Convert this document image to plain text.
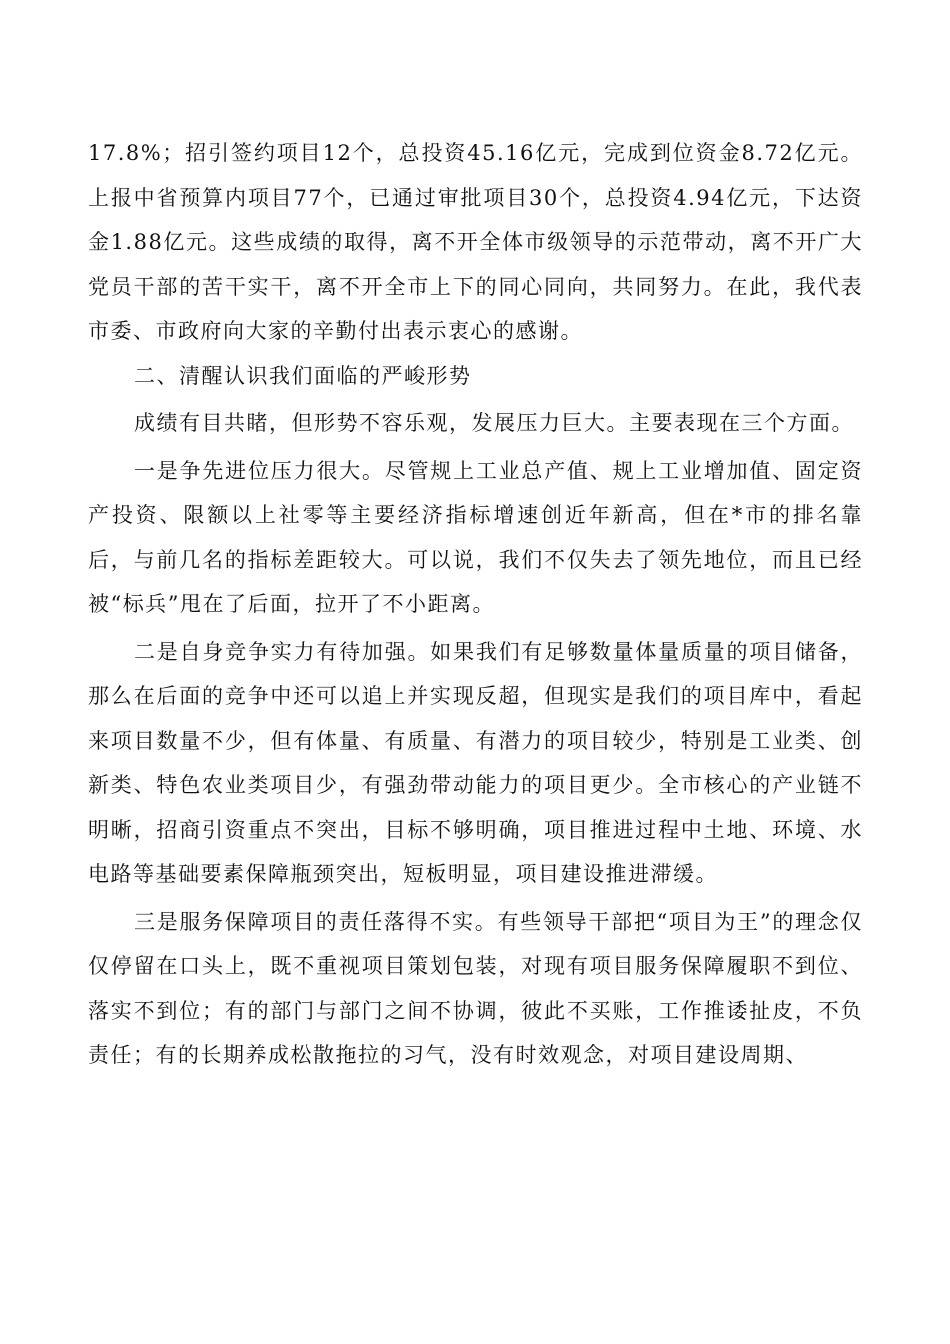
17.8%；招引签约项目12个，总投资45.16亿元，完成到位资金8.72亿元。上报中省预算内项目77个，已通过审批项目30个，总投资4.94亿元，下达资金1.88亿元。这些成绩的取得，离不开全体市级领导的示范带动，离不开广大党员干部的苦干实干，离不开全市上下的同心同向，共同努力。在此，我代表市委、市政府向大家的辛勤付出表示衷心的感谢。

二、清醒认识我们面临的严峻形势

成绩有目共睹，但形势不容乐观，发展压力巨大。主要表现在三个方面。

一是争先进位压力很大。尽管规上工业总产值、规上工业增加值、固定资产投资、限额以上社零等主要经济指标增速创近年新高，但在*市的排名靠后，与前几名的指标差距较大。可以说，我们不仅失去了领先地位，而且已经被“标兵”甩在了后面，拉开了不小距离。

二是自身竞争实力有待加强。如果我们有足够数量体量质量的项目储备，那么在后面的竞争中还可以追上并实现反超，但现实是我们的项目库中，看起来项目数量不少，但有体量、有质量、有潜力的项目较少，特别是工业类、创新类、特色农业类项目少，有强劲带动能力的项目更少。全市核心的产业链不明晰，招商引资重点不突出，目标不够明确，项目推进过程中土地、环境、水电路等基础要素保障瓶颈突出，短板明显，项目建设推进滞缓。

三是服务保障项目的责任落得不实。有些领导干部把“项目为王”的理念仅仅停留在口头上，既不重视项目策划包装，对现有项目服务保障履职不到位、落实不到位；有的部门与部门之间不协调，彼此不买账，工作推诿扯皮，不负责任；有的长期养成松散拖拉的习气，没有时效观念，对项目建设周期、
